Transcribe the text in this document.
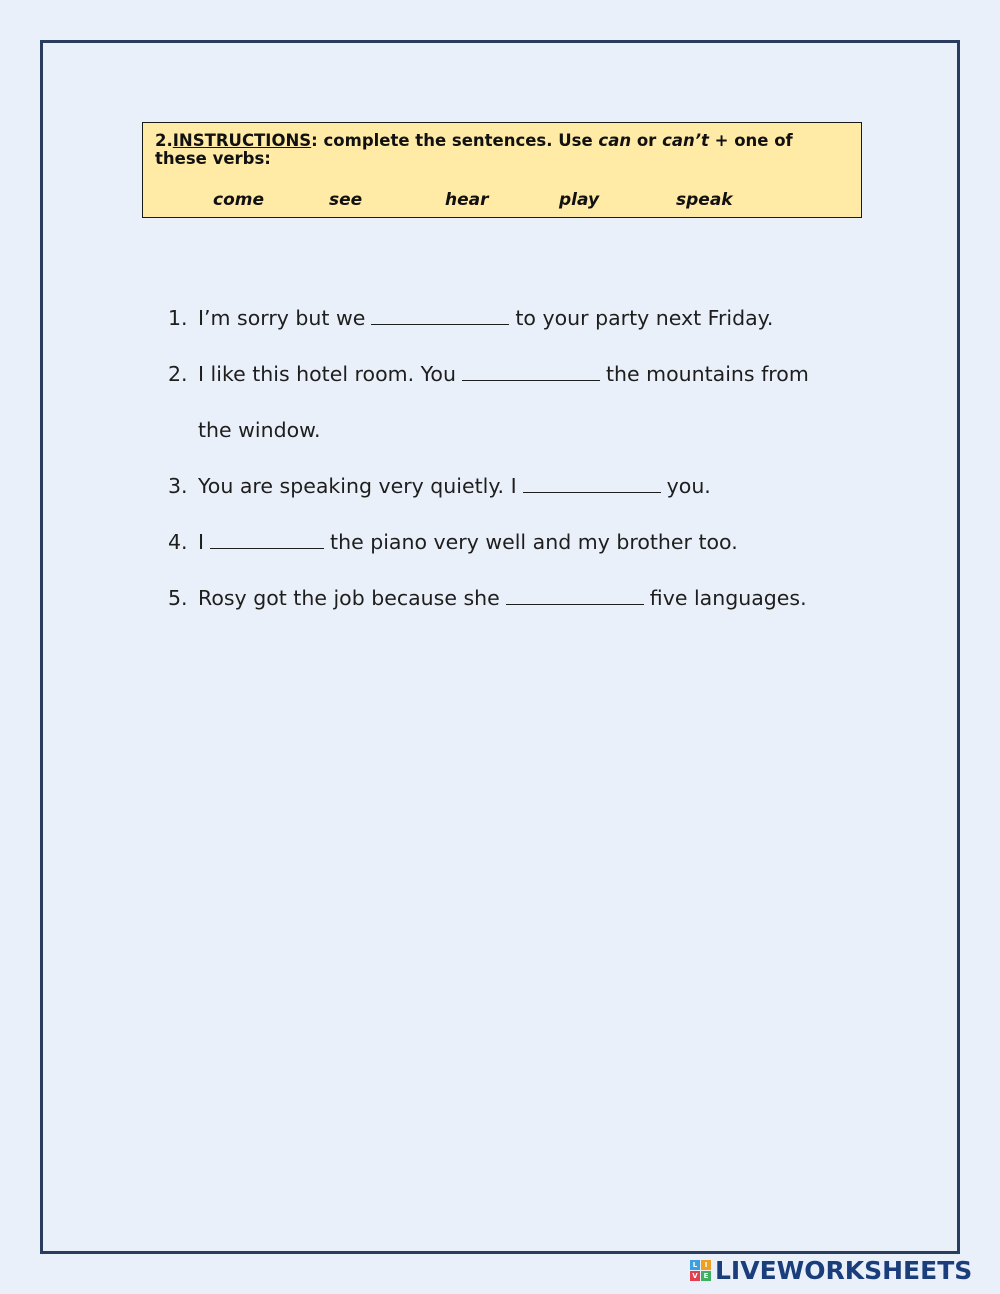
2.INSTRUCTIONS: complete the sentences. Use can or can’t + one of these verbs:
come	see	hear	play	speak
1. I’m sorry but we	to your party next Friday.
2. I like this hotel room. You	the mountains from
the window.
3. You are speaking very quietly. I	you.
4. I	the piano very well and my brother too.
5. Rosy got the job because she	five languages.
L	I
V E LIVEWORKSHEETS
